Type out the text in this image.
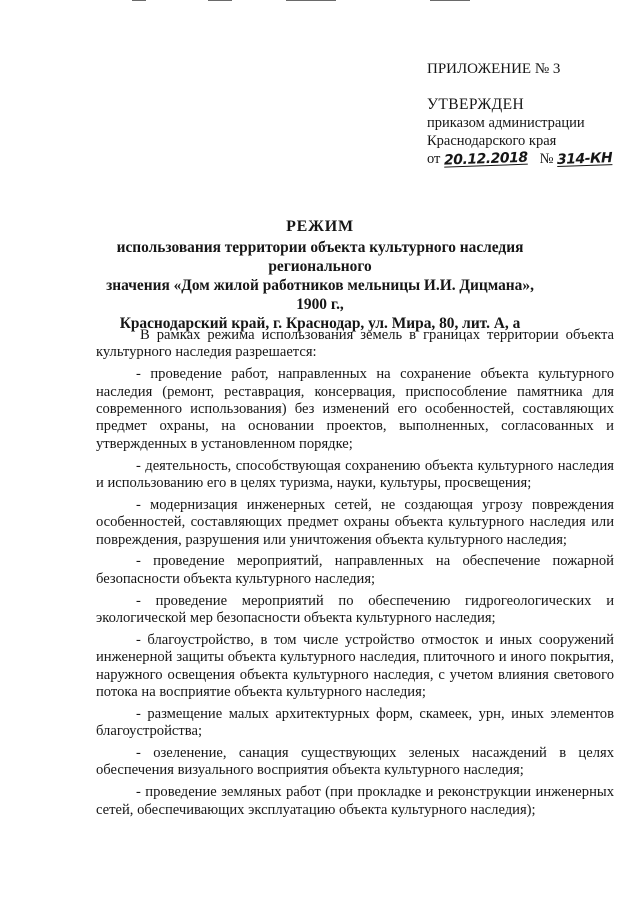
ПРИЛОЖЕНИЕ № 3
УТВЕРЖДЕН
приказом администрации
Краснодарского края
от 20.12.2018 № 314-КН
РЕЖИМ
использования территории объекта культурного наследия регионального
значения «Дом жилой работников мельницы И.И. Дицмана», 1900 г.,
Краснодарский край, г. Краснодар, ул. Мира, 80, лит. А, а

В рамках режима использования земель в границах территории объекта культурного наследия разрешается:

- проведение работ, направленных на сохранение объекта культурного наследия (ремонт, реставрация, консервация, приспособление памятника для современного использования) без изменений его особенностей, составляющих предмет охраны, на основании проектов, выполненных, согласованных и утвержденных в установленном порядке;

- деятельность, способствующая сохранению объекта культурного наследия и использованию его в целях туризма, науки, культуры, просвещения;

- модернизация инженерных сетей, не создающая угрозу повреждения особенностей, составляющих предмет охраны объекта культурного наследия или повреждения, разрушения или уничтожения объекта культурного наследия;

- проведение мероприятий, направленных на обеспечение пожарной безопасности объекта культурного наследия;

- проведение мероприятий по обеспечению гидрогеологических и экологической мер безопасности объекта культурного наследия;

- благоустройство, в том числе устройство отмосток и иных сооружений инженерной защиты объекта культурного наследия, плиточного и иного покрытия, наружного освещения объекта культурного наследия, с учетом влияния светового потока на восприятие объекта культурного наследия;

- размещение малых архитектурных форм, скамеек, урн, иных элементов благоустройства;

- озеленение, санация существующих зеленых насаждений в целях обеспечения визуального восприятия объекта культурного наследия;

- проведение земляных работ (при прокладке и реконструкции инженерных сетей, обеспечивающих эксплуатацию объекта культурного наследия);
